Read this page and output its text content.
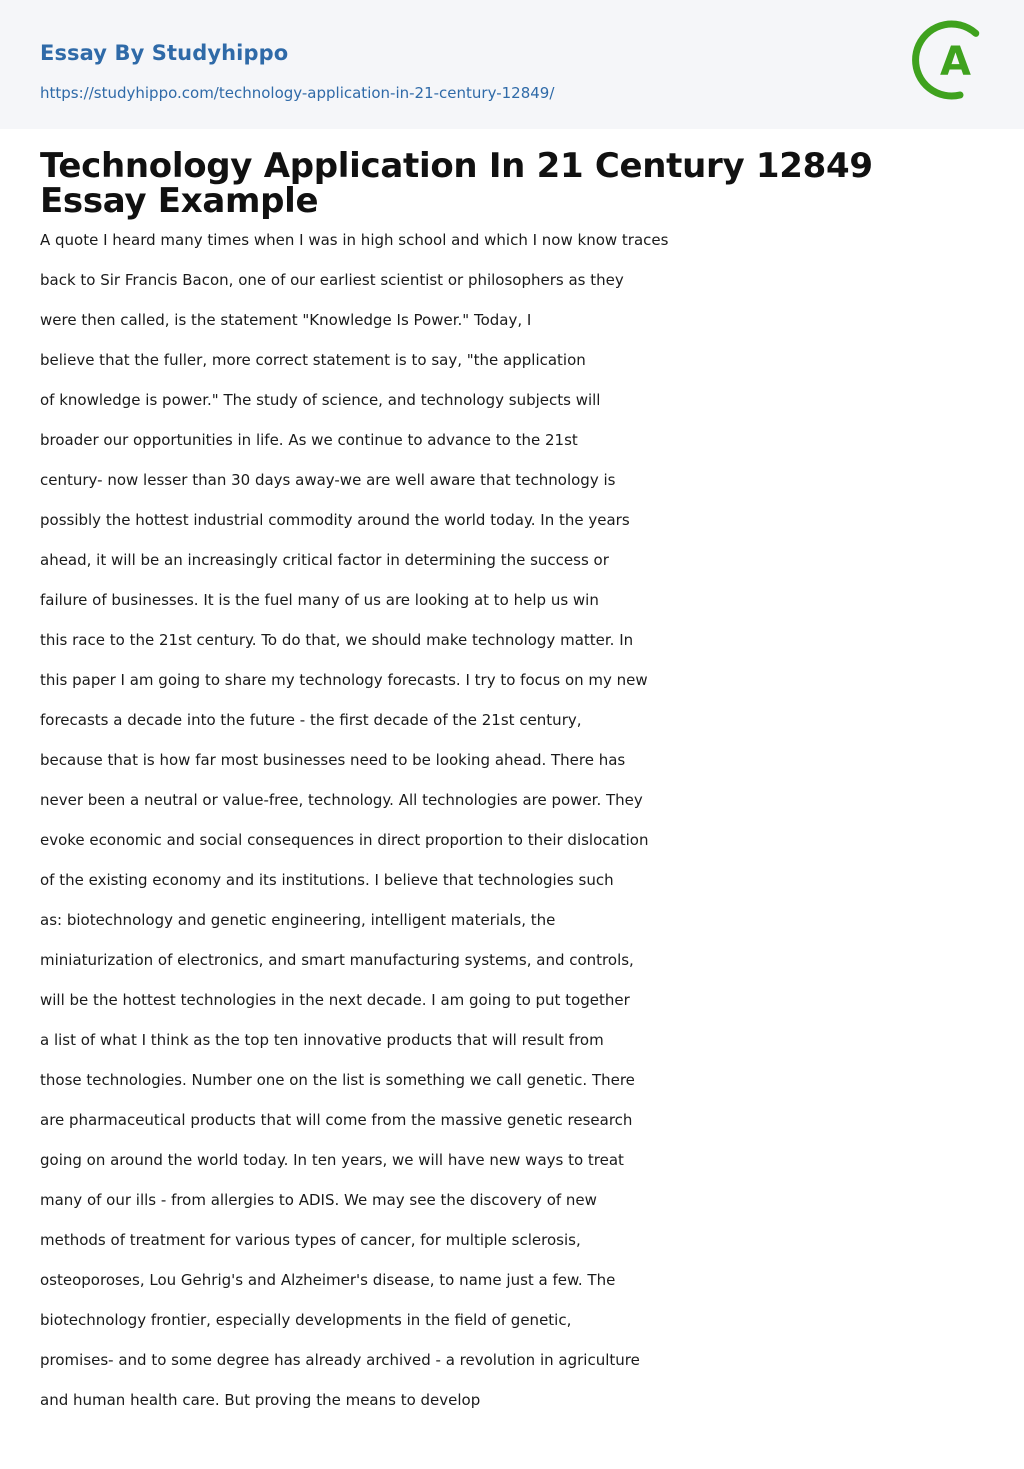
Essay By Studyhippo
https://studyhippo.com/technology-application-in-21-century-12849/
A
Technology Application In 21 Century 12849 Essay Example
A quote I heard many times when I was in high school and which I now know traces
back to Sir Francis Bacon, one of our earliest scientist or philosophers as they
were then called, is the statement "Knowledge Is Power." Today, I
believe that the fuller, more correct statement is to say, "the application
of knowledge is power." The study of science, and technology subjects will
broader our opportunities in life. As we continue to advance to the 21st
century- now lesser than 30 days away-we are well aware that technology is
possibly the hottest industrial commodity around the world today. In the years
ahead, it will be an increasingly critical factor in determining the success or
failure of businesses. It is the fuel many of us are looking at to help us win
this race to the 21st century. To do that, we should make technology matter. In
this paper I am going to share my technology forecasts. I try to focus on my new
forecasts a decade into the future - the first decade of the 21st century,
because that is how far most businesses need to be looking ahead. There has
never been a neutral or value-free, technology. All technologies are power. They
evoke economic and social consequences in direct proportion to their dislocation
of the existing economy and its institutions. I believe that technologies such
as: biotechnology and genetic engineering, intelligent materials, the
miniaturization of electronics, and smart manufacturing systems, and controls,
will be the hottest technologies in the next decade. I am going to put together
a list of what I think as the top ten innovative products that will result from
those technologies. Number one on the list is something we call genetic. There
are pharmaceutical products that will come from the massive genetic research
going on around the world today. In ten years, we will have new ways to treat
many of our ills - from allergies to ADIS. We may see the discovery of new
methods of treatment for various types of cancer, for multiple sclerosis,
osteoporoses, Lou Gehrig's and Alzheimer's disease, to name just a few. The
biotechnology frontier, especially developments in the field of genetic,
promises- and to some degree has already archived - a revolution in agriculture
and human health care. But proving the means to develop
